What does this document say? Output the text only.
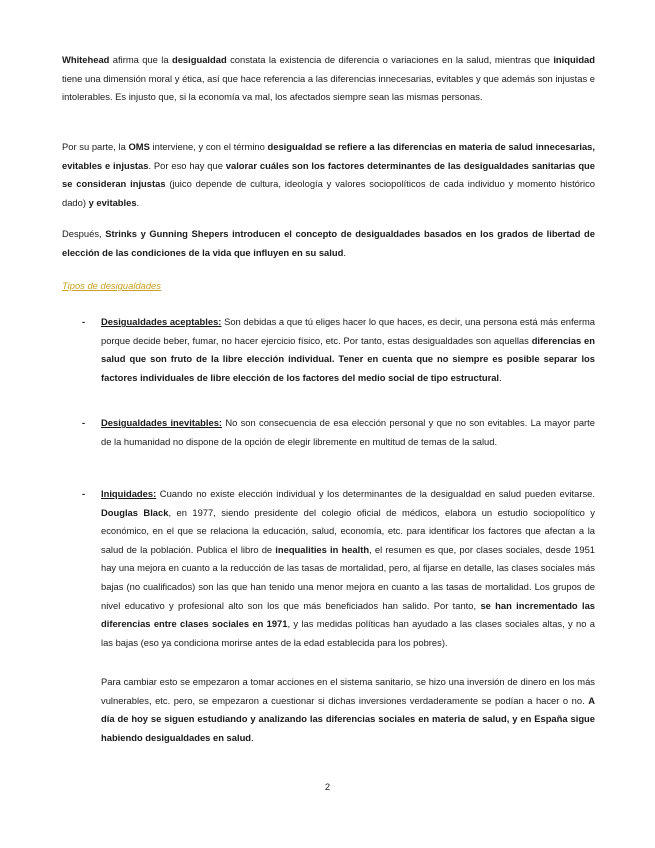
Whitehead afirma que la desigualdad constata la existencia de diferencia o variaciones en la salud, mientras que iniquidad tiene una dimensión moral y ética, así que hace referencia a las diferencias innecesarias, evitables y que además son injustas e intolerables. Es injusto que, si la economía va mal, los afectados siempre sean las mismas personas.

Por su parte, la OMS interviene, y con el término desigualdad se refiere a las diferencias en materia de salud innecesarias, evitables e injustas. Por eso hay que valorar cuáles son los factores determinantes de las desigualdades sanitarias que se consideran injustas (juico depende de cultura, ideología y valores sociopolíticos de cada individuo y momento histórico dado) y evitables.

Después, Strinks y Gunning Shepers introducen el concepto de desigualdades basados en los grados de libertad de elección de las condiciones de la vida que influyen en su salud.

Tipos de desigualdades

- Desigualdades aceptables: Son debidas a que tú eliges hacer lo que haces, es decir, una persona está más enferma porque decide beber, fumar, no hacer ejercicio físico, etc. Por tanto, estas desigualdades son aquellas diferencias en salud que son fruto de la libre elección individual. Tener en cuenta que no siempre es posible separar los factores individuales de libre elección de los factores del medio social de tipo estructural.

- Desigualdades inevitables: No son consecuencia de esa elección personal y que no son evitables. La mayor parte de la humanidad no dispone de la opción de elegir libremente en multitud de temas de la salud.

- Iniquidades: Cuando no existe elección individual y los determinantes de la desigualdad en salud pueden evitarse. Douglas Black, en 1977, siendo presidente del colegio oficial de médicos, elabora un estudio sociopolítico y económico, en el que se relaciona la educación, salud, economía, etc. para identificar los factores que afectan a la salud de la población. Publica el libro de inequalities in health, el resumen es que, por clases sociales, desde 1951 hay una mejora en cuanto a la reducción de las tasas de mortalidad, pero, al fijarse en detalle, las clases sociales más bajas (no cualificados) son las que han tenido una menor mejora en cuanto a las tasas de mortalidad. Los grupos de nivel educativo y profesional alto son los que más beneficiados han salido. Por tanto, se han incrementado las diferencias entre clases sociales en 1971, y las medidas políticas han ayudado a las clases sociales altas, y no a las bajas (eso ya condiciona morirse antes de la edad establecida para los pobres).

Para cambiar esto se empezaron a tomar acciones en el sistema sanitario, se hizo una inversión de dinero en los más vulnerables, etc. pero, se empezaron a cuestionar si dichas inversiones verdaderamente se podían a hacer o no. A día de hoy se siguen estudiando y analizando las diferencias sociales en materia de salud, y en España sigue habiendo desigualdades en salud.

2
